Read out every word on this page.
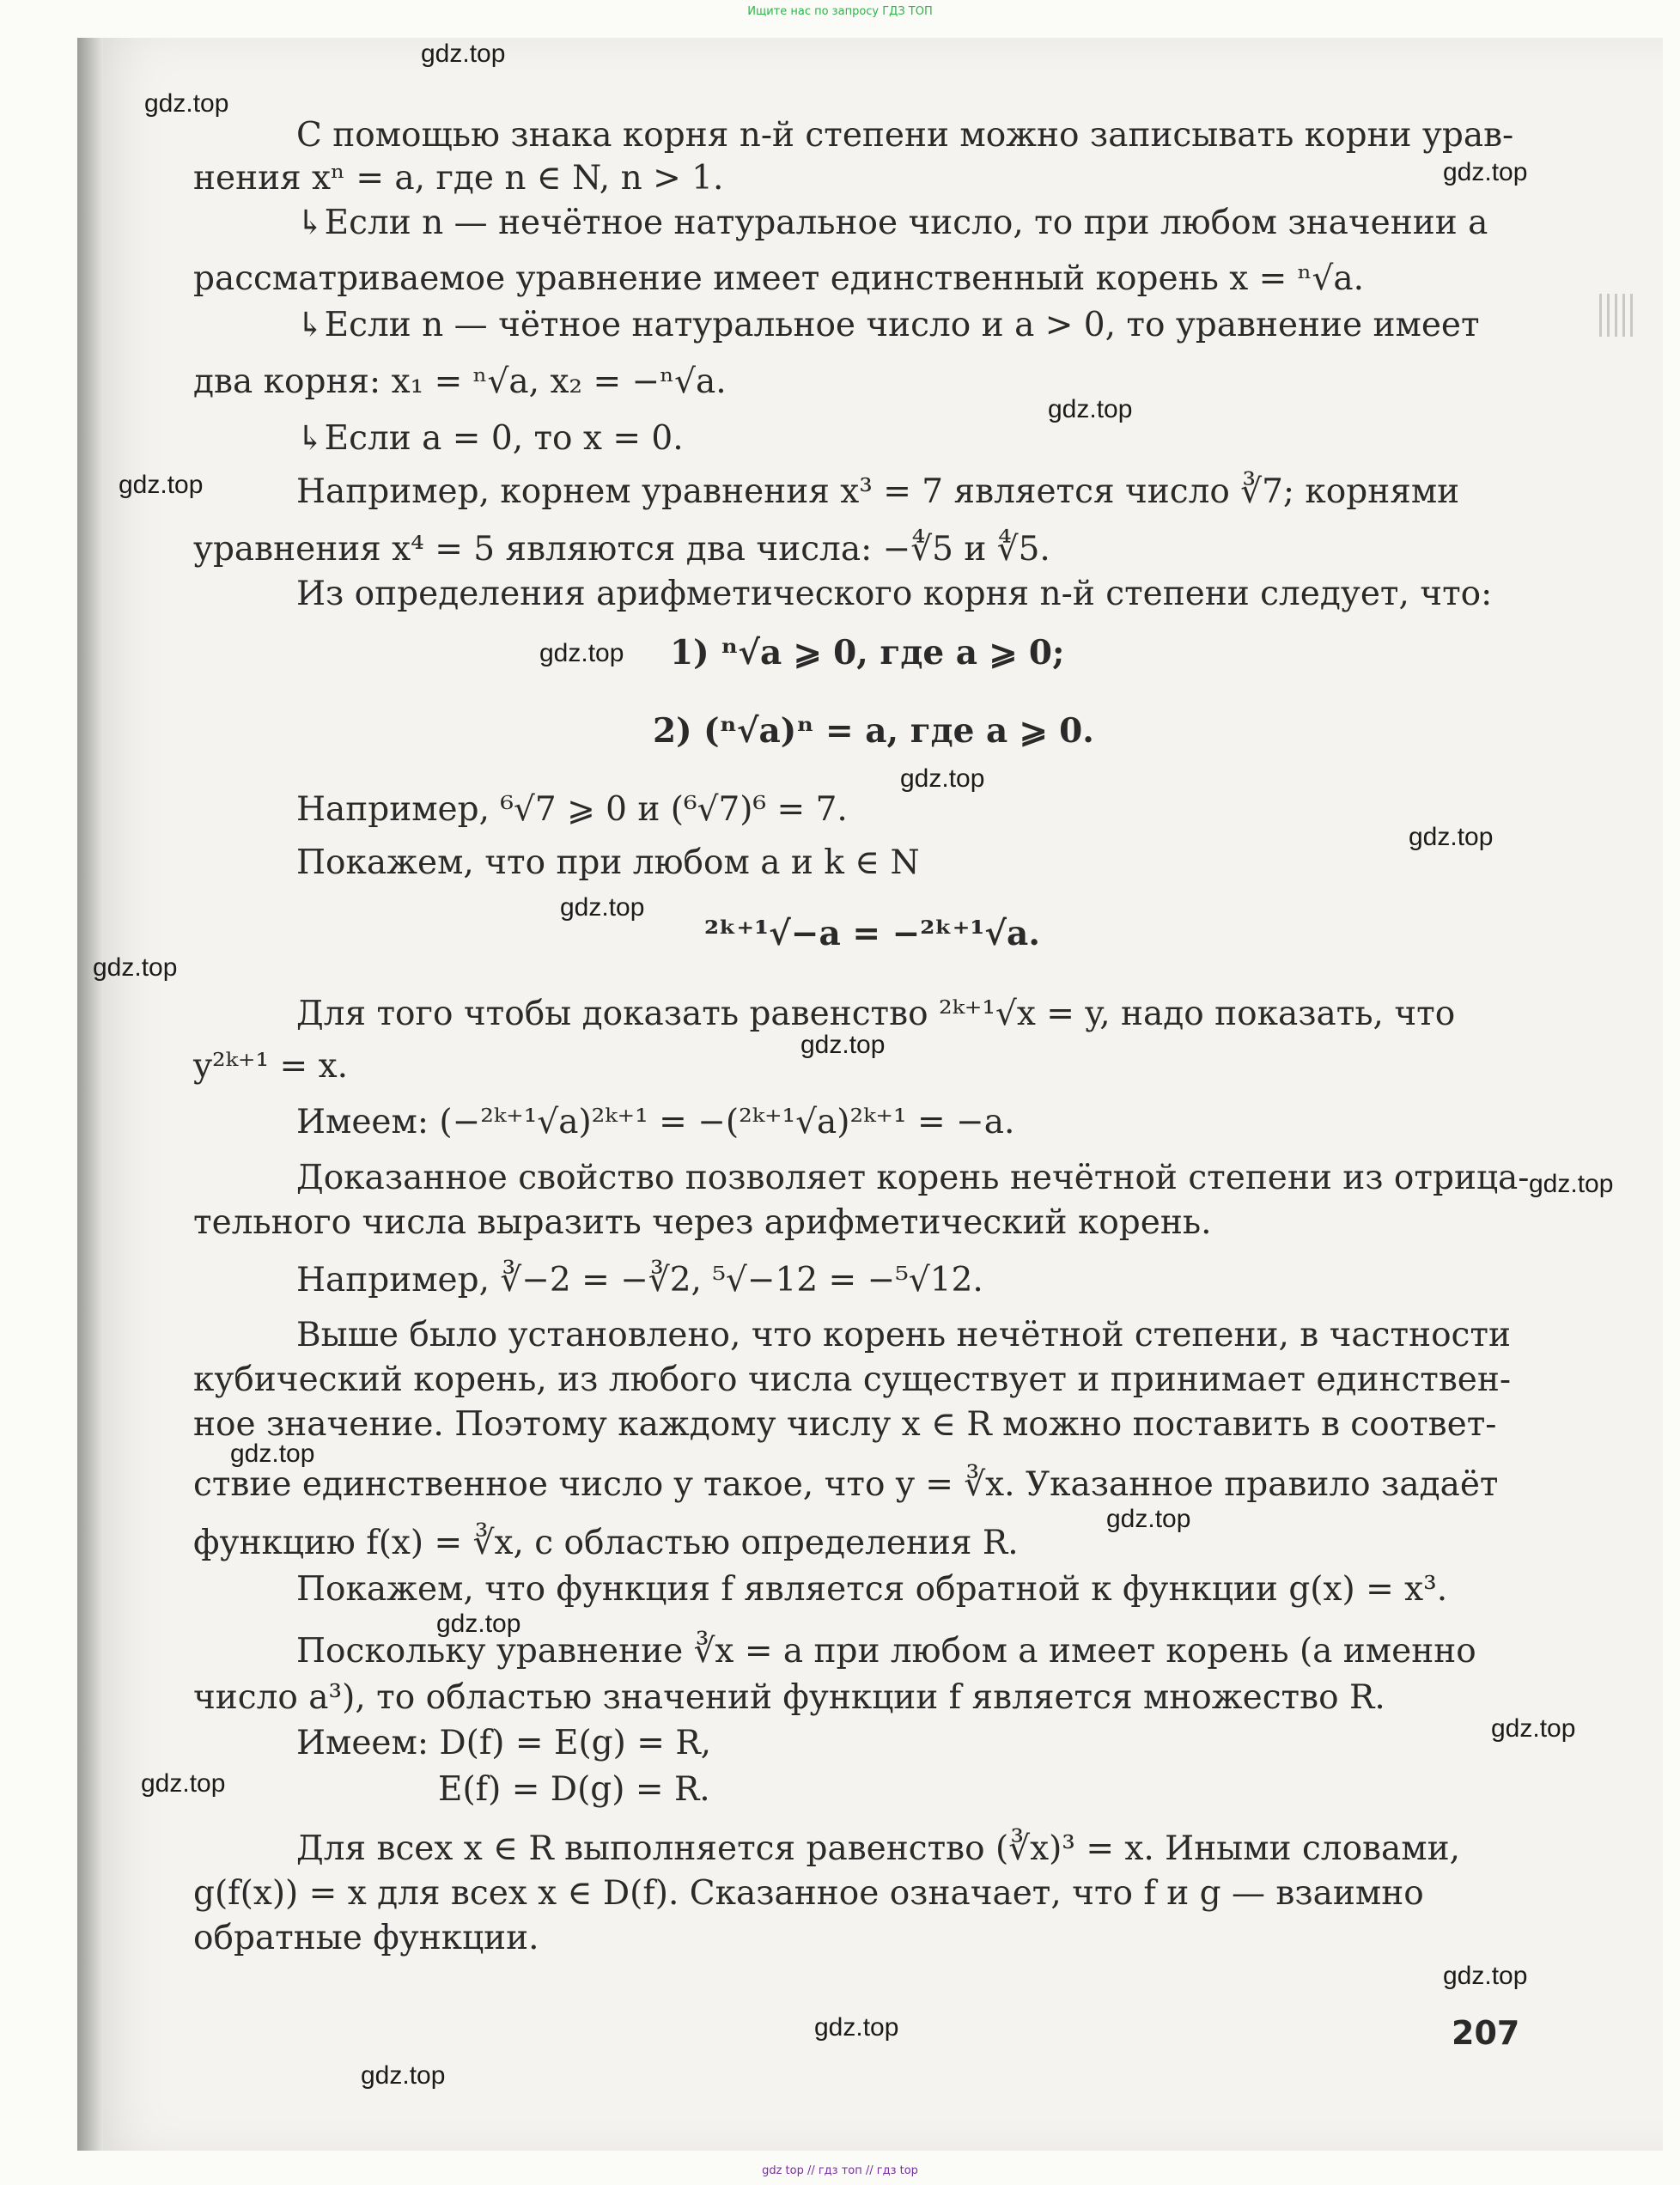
Ищите нас по запросу ГДЗ ТОП
С помощью знака корня n-й степени можно записывать корни урав-
нения xⁿ = a, где n ∈ N, n > 1.
↳Если n — нечётное натуральное число, то при любом значении a
рассматриваемое уравнение имеет единственный корень x = ⁿ√a.
↳Если n — чётное натуральное число и a > 0, то уравнение имеет
два корня: x₁ = ⁿ√a, x₂ = −ⁿ√a.
↳Если a = 0, то x = 0.
Например, корнем уравнения x³ = 7 является число ∛7; корнями
уравнения x⁴ = 5 являются два числа: −∜5 и ∜5.
Из определения арифметического корня n-й степени следует, что:
1) ⁿ√a ⩾ 0, где a ⩾ 0;
2) (ⁿ√a)ⁿ = a, где a ⩾ 0.
Например, ⁶√7 ⩾ 0 и (⁶√7)⁶ = 7.
Покажем, что при любом a и k ∈ N
²ᵏ⁺¹√−a = −²ᵏ⁺¹√a.
Для того чтобы доказать равенство ²ᵏ⁺¹√x = y, надо показать, что
y²ᵏ⁺¹ = x.
Имеем: (−²ᵏ⁺¹√a)²ᵏ⁺¹ = −(²ᵏ⁺¹√a)²ᵏ⁺¹ = −a.
Доказанное свойство позволяет корень нечётной степени из отрица-
тельного числа выразить через арифметический корень.
Например, ∛−2 = −∛2, ⁵√−12 = −⁵√12.
Выше было установлено, что корень нечётной степени, в частности
кубический корень, из любого числа существует и принимает единствен-
ное значение. Поэтому каждому числу x ∈ R можно поставить в соответ-
ствие единственное число y такое, что y = ∛x. Указанное правило задаёт
функцию f(x) = ∛x, с областью определения R.
Покажем, что функция f является обратной к функции g(x) = x³.
Поскольку уравнение ∛x = a при любом a имеет корень (а именно
число a³), то областью значений функции f является множество R.
Имеем: D(f) = E(g) = R,
E(f) = D(g) = R.
Для всех x ∈ R выполняется равенство (∛x)³ = x. Иными словами,
g(f(x)) = x для всех x ∈ D(f). Сказанное означает, что f и g — взаимно
обратные функции.
207
gdz.top
gdz.top
gdz.top
gdz.top
gdz.top
gdz.top
gdz.top
gdz.top
gdz.top
gdz.top
gdz.top
gdz.top
gdz.top
gdz.top
gdz.top
gdz.top
gdz.top
gdz.top
gdz.top
gdz.top
gdz top // гдз топ // гдз top
